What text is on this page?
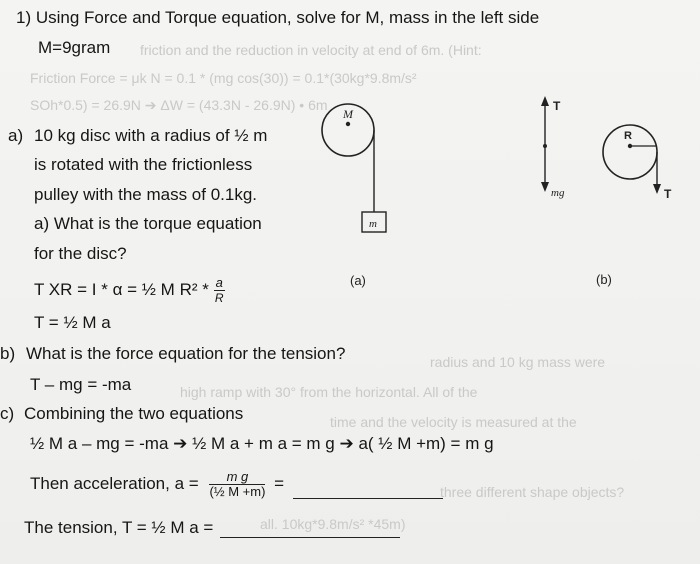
friction and the reduction in velocity at end of 6m. (Hint:
Friction Force = μk N = 0.1 * (mg cos(30)) = 0.1*(30kg*9.8m/s²
SOh*0.5) = 26.9N ➔ ΔW = (43.3N - 26.9N) • 6m
radius and 10 kg mass were
high ramp with 30° from the horizontal. All of the
time and the velocity is measured at the
three different shape objects?
all. 10kg*9.8m/s² *45m)
1) Using Force and Torque equation, solve for M, mass in the left side
M=9gram
a) 10 kg disc with a radius of ½ m
is rotated with the frictionless
pulley with the mass of 0.1kg.
a) What is the torque equation
for the disc?
T XR = I * α = ½ M $R^2 * \frac{a}{R}$
T = ½ M a
b) What is the force equation for the tension?
T – mg = -ma
c) Combining the two equations
½ M a – mg = -ma ➔ ½ M a + m a = m g ➔ a( ½ M +m) = m g
Then acceleration, $a = \frac{\text{m g}}{\text{(½ M +m)}}$ =
The tension, T = ½ M a =
M
m
(a)
T
mg
R
T
(b)
